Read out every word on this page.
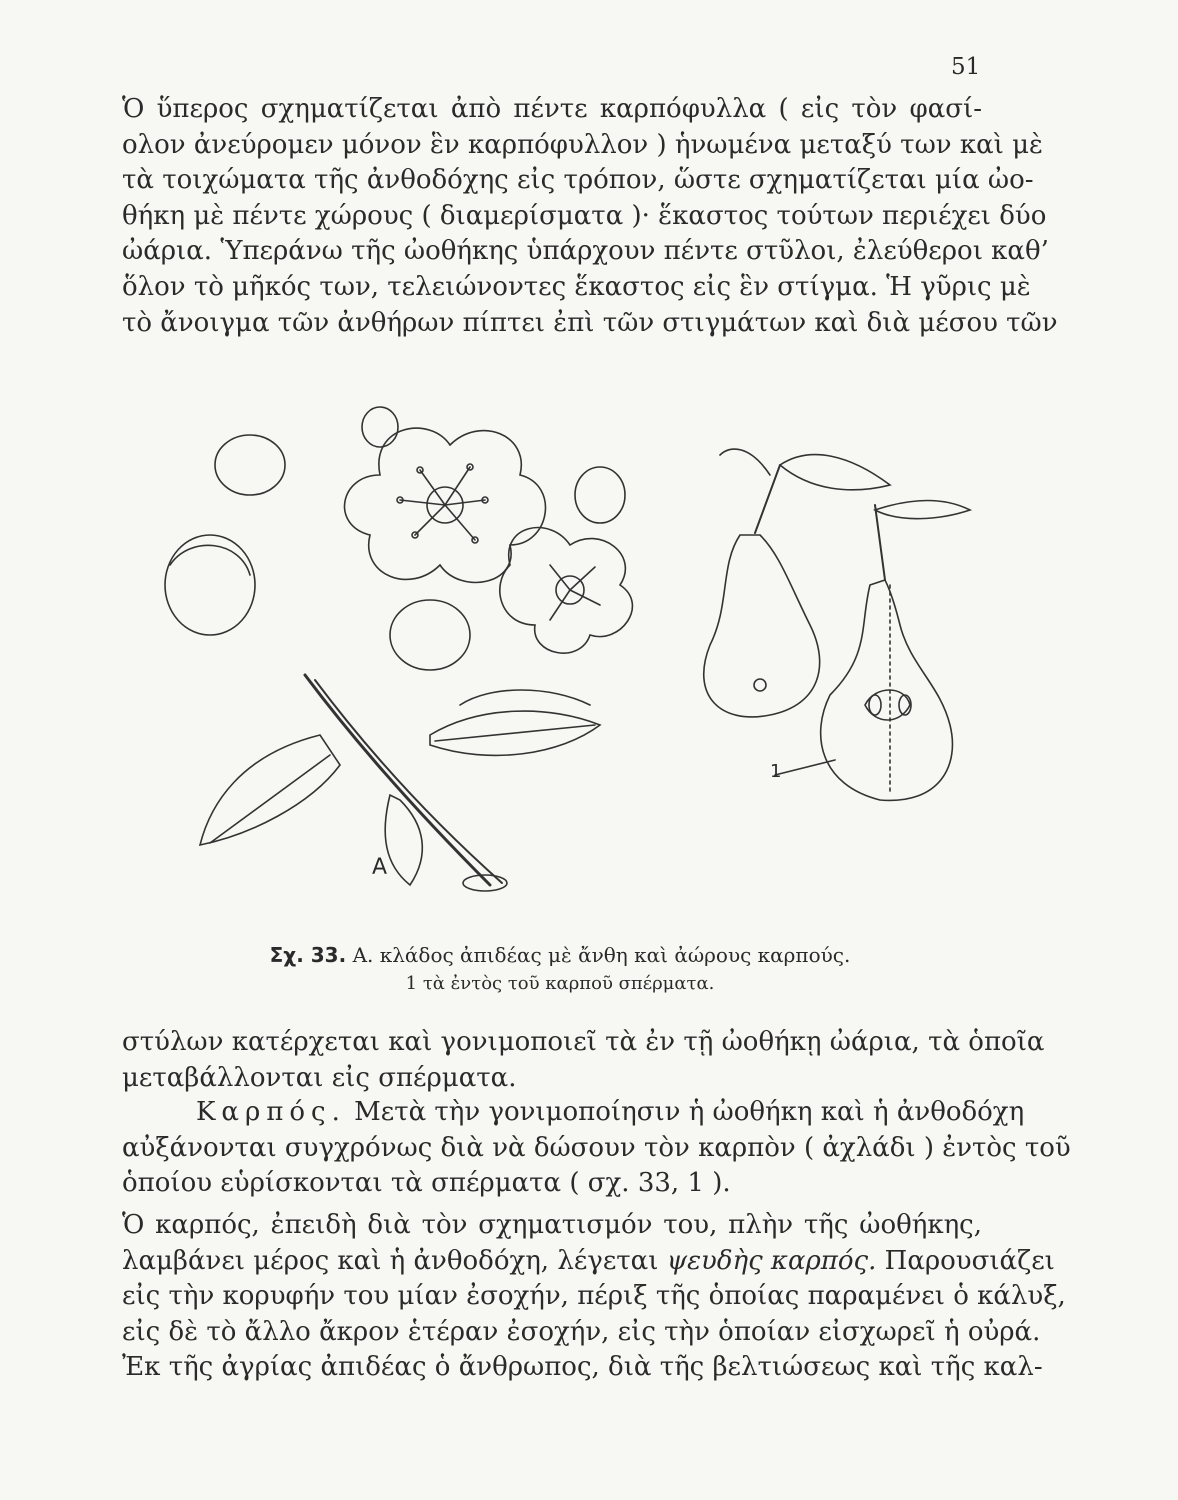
51
Ὁ ὕπερος σχηματίζεται ἀπὸ πέντε καρπόφυλλα ( εἰς τὸν φασί-
ολον ἀνεύρομεν μόνον ἓν καρπόφυλλον ) ἡνωμένα μεταξύ των καὶ μὲ
τὰ τοιχώματα τῆς ἀνθοδόχης εἰς τρόπον, ὥστε σχηματίζεται μία ὠο-
θήκη μὲ πέντε χώρους ( διαμερίσματα )· ἕκαστος τούτων περιέχει δύο
ὠάρια. Ὑπεράνω τῆς ὠοθήκης ὑπάρχουν πέντε στῦλοι, ἐλεύθεροι καθ’
ὅλον τὸ μῆκός των, τελειώνοντες ἕκαστος εἰς ἓν στίγμα. Ἡ γῦρις μὲ
τὸ ἄνοιγμα τῶν ἀνθήρων πίπτει ἐπὶ τῶν στιγμάτων καὶ διὰ μέσου τῶν
Α
1
Σχ. 33. Α. κλάδος ἀπιδέας μὲ ἄνθη καὶ ἀώρους καρπούς.
1 τὰ ἐντὸς τοῦ καρποῦ σπέρματα.
στύλων κατέρχεται καὶ γονιμοποιεῖ τὰ ἐν τῇ ὠοθήκῃ ὠάρια, τὰ ὁποῖα
μεταβάλλονται εἰς σπέρματα.
Καρπός. Μετὰ τὴν γονιμοποίησιν ἡ ὠοθήκη καὶ ἡ ἀνθοδόχη
αὐξάνονται συγχρόνως διὰ νὰ δώσουν τὸν καρπὸν ( ἀχλάδι ) ἐντὸς τοῦ
ὁποίου εὑρίσκονται τὰ σπέρματα ( σχ. 33, 1 ).
Ὁ καρπός, ἐπειδὴ διὰ τὸν σχηματισμόν του, πλὴν τῆς ὠοθήκης,
λαμβάνει μέρος καὶ ἡ ἀνθοδόχη, λέγεται ψευδὴς καρπός. Παρουσιάζει
εἰς τὴν κορυφήν του μίαν ἐσοχήν, πέριξ τῆς ὁποίας παραμένει ὁ κάλυξ,
εἰς δὲ τὸ ἄλλο ἄκρον ἑτέραν ἐσοχήν, εἰς τὴν ὁποίαν εἰσχωρεῖ ἡ οὐρά.
Ἐκ τῆς ἀγρίας ἀπιδέας ὁ ἄνθρωπος, διὰ τῆς βελτιώσεως καὶ τῆς καλ-
